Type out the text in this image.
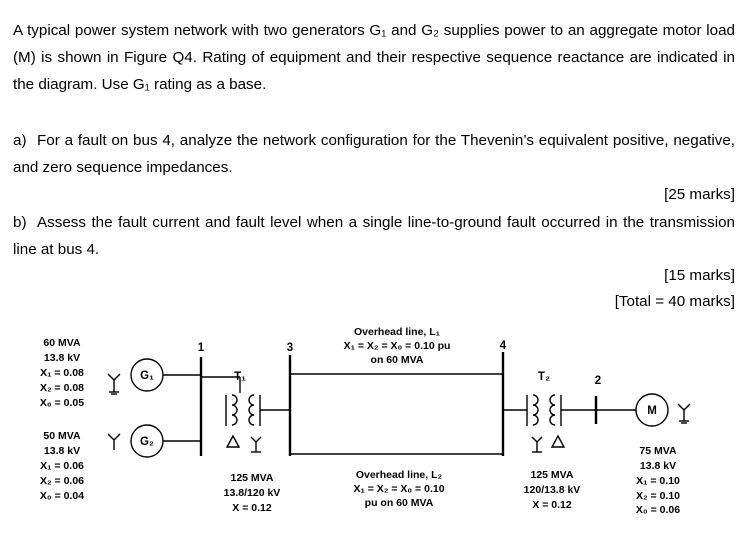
A typical power system network with two generators G₁ and G₂ supplies power to an aggregate motor load (M) is shown in Figure Q4. Rating of equipment and their respective sequence reactance are indicated in the diagram. Use G₁ rating as a base.

a) For a fault on bus 4, analyze the network configuration for the Thevenin’s equivalent positive, negative, and zero sequence impedances.
[25 marks]
b) Assess the fault current and fault level when a single line-to-ground fault occurred in the transmission line at bus 4.
[15 marks]
[Total = 40 marks]
G₁
G₂
M
T₁	T₂
1
2
3	4
60 MVA
13.8 kV
X₁ = 0.08
X₂ = 0.08
X₀ = 0.05
50 MVA
13.8 kV
X₁ = 0.06
X₂ = 0.06
X₀ = 0.04
Overhead line, L₁
X₁ = X₂ = X₀ = 0.10 pu
on 60 MVA
Overhead line, L₂
X₁ = X₂ = X₀ = 0.10
pu on 60 MVA
125 MVA
13.8/120 kV
X = 0.12
125 MVA
120/13.8 kV
X = 0.12
75 MVA
13.8 kV
X₁ = 0.10
X₂ = 0.10
X₀ = 0.06
